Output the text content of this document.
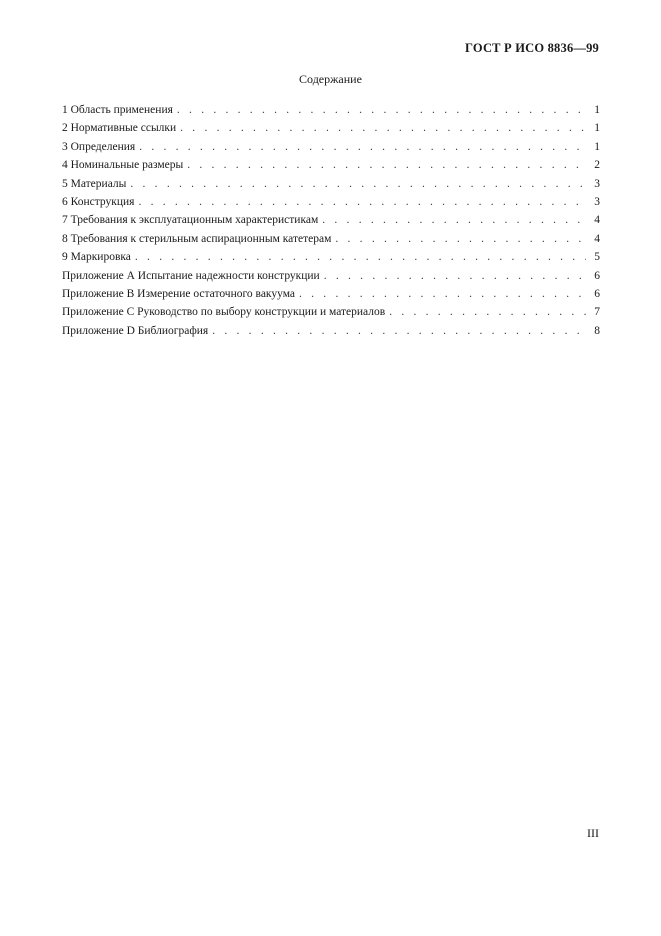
ГОСТ Р ИСО 8836—99
Содержание
1 Область применения . . .	1
2 Нормативные ссылки . . .	1
3 Определения . . .	1
4 Номинальные размеры . . .	2
5 Материалы . . .	3
6 Конструкция . . .	3
7 Требования к эксплуатационным характеристикам . . .	4
8 Требования к стерильным аспирационным катетерам . . .	4
9 Маркировка . . .	5
Приложение А Испытание надежности конструкции . . .	6
Приложение В Измерение остаточного вакуума . . .	6
Приложение С Руководство по выбору конструкции и материалов . . .	7
Приложение D Библиография . . .	8
III
